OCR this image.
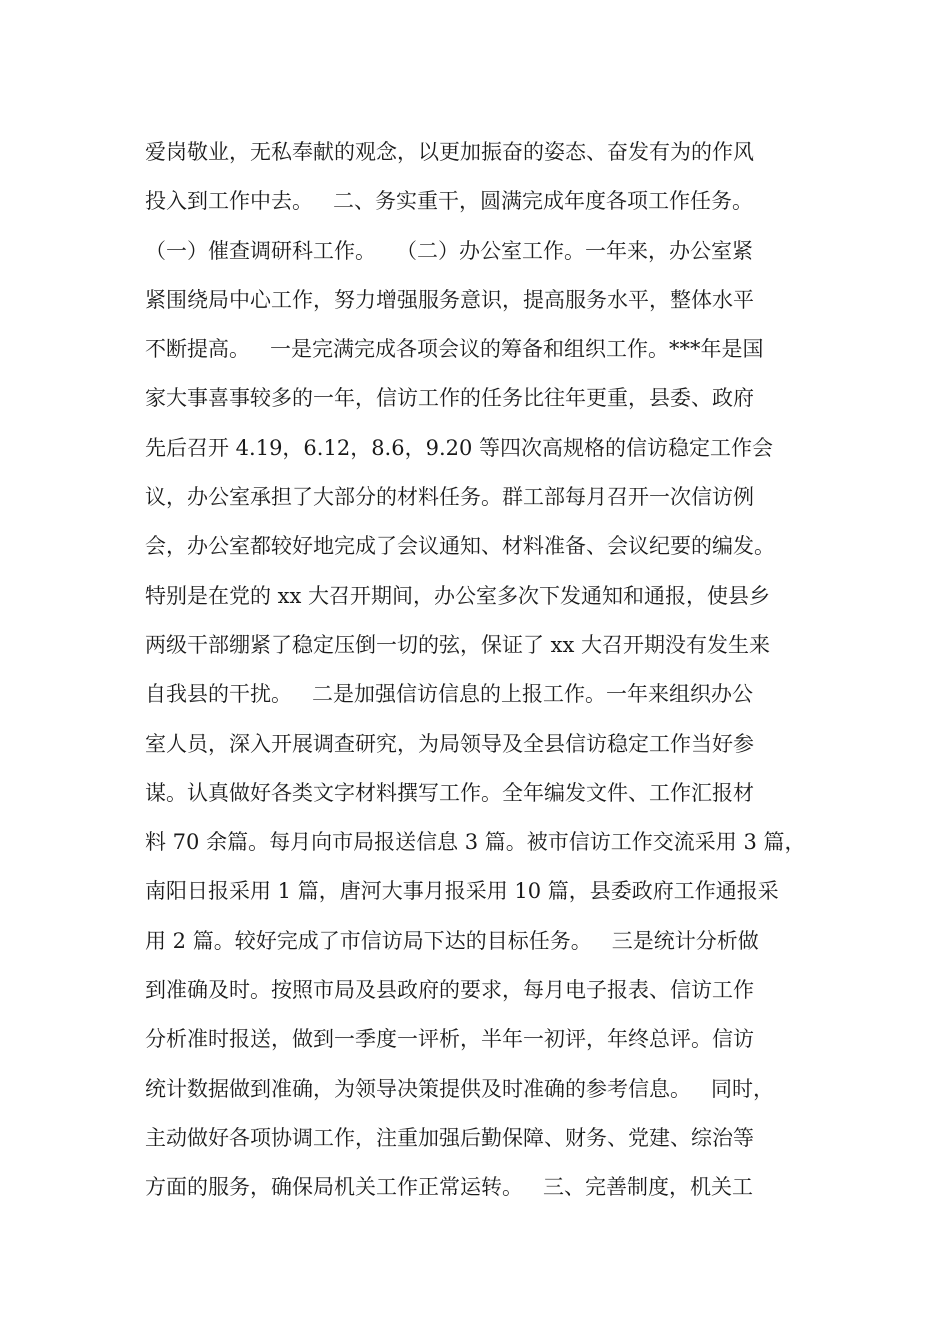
爱岗敬业，无私奉献的观念，以更加振奋的姿态、奋发有为的作风
投入到工作中去。   二、务实重干，圆满完成年度各项工作任务。
（一）催查调研科工作。   （二）办公室工作。一年来，办公室紧
紧围绕局中心工作，努力增强服务意识，提高服务水平，整体水平
不断提高。   一是完满完成各项会议的筹备和组织工作。***年是国
家大事喜事较多的一年，信访工作的任务比往年更重，县委、政府
先后召开 4.19，6.12，8.6，9.20 等四次高规格的信访稳定工作会
议，办公室承担了大部分的材料任务。群工部每月召开一次信访例
会，办公室都较好地完成了会议通知、材料准备、会议纪要的编发。
特别是在党的 xx 大召开期间，办公室多次下发通知和通报，使县乡
两级干部绷紧了稳定压倒一切的弦，保证了 xx 大召开期没有发生来
自我县的干扰。   二是加强信访信息的上报工作。一年来组织办公
室人员，深入开展调查研究，为局领导及全县信访稳定工作当好参
谋。认真做好各类文字材料撰写工作。全年编发文件、工作汇报材
料 70 余篇。每月向市局报送信息 3 篇。被市信访工作交流采用 3 篇，
南阳日报采用 1 篇，唐河大事月报采用 10 篇，县委政府工作通报采
用 2 篇。较好完成了市信访局下达的目标任务。   三是统计分析做
到准确及时。按照市局及县政府的要求，每月电子报表、信访工作
分析准时报送，做到一季度一评析，半年一初评，年终总评。信访
统计数据做到准确，为领导决策提供及时准确的参考信息。   同时，
主动做好各项协调工作，注重加强后勤保障、财务、党建、综治等
方面的服务，确保局机关工作正常运转。   三、完善制度，机关工
